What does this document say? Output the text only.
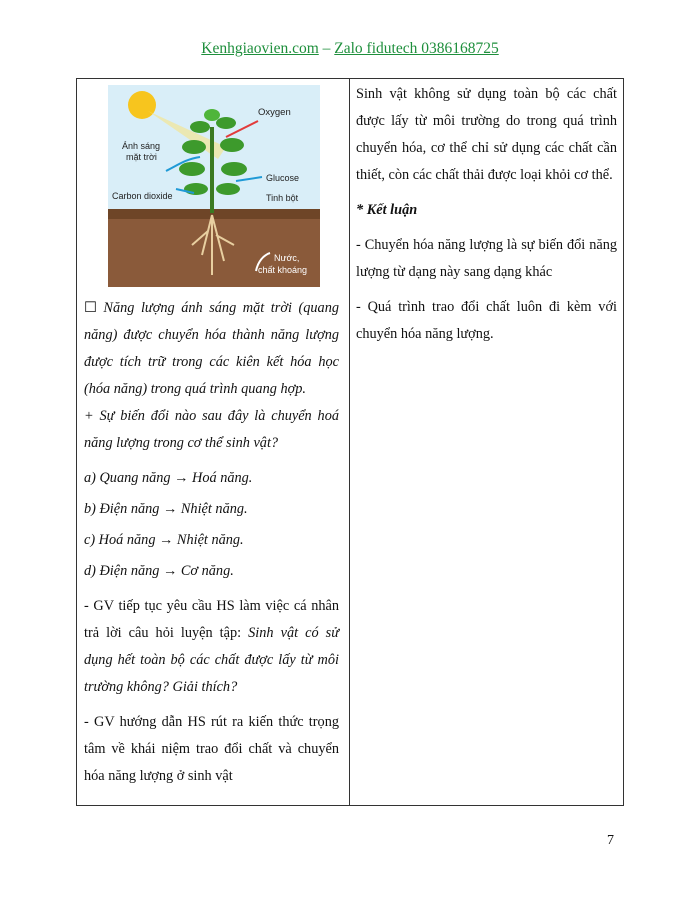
Kenhgiaovien.com – Zalo fidutech 0386168725
Oxygen
Ánh sáng
mặt trời
Carbon dioxide
Glucose
Tinh bột
Nước,
chất khoáng

☐ Năng lượng ánh sáng mặt trời (quang năng) được chuyển hóa thành năng lượng được tích trữ trong các kiên kết hóa học (hóa năng) trong quá trình quang hợp.

+ Sự biến đổi nào sau đây là chuyển hoá năng lượng trong cơ thể sinh vật?

a) Quang năng → Hoá năng.

b) Điện năng → Nhiệt năng.

c) Hoá năng → Nhiệt năng.

d) Điện năng → Cơ năng.

- GV tiếp tục yêu cầu HS làm việc cá nhân trả lời câu hỏi luyện tập: Sinh vật có sử dụng hết toàn bộ các chất được lấy từ môi trường không? Giải thích?

- GV hướng dẫn HS rút ra kiến thức trọng tâm về khái niệm trao đổi chất và chuyển hóa năng lượng ở sinh vật

Sinh vật không sử dụng toàn bộ các chất được lấy từ môi trường do trong quá trình chuyển hóa, cơ thể chỉ sử dụng các chất cần thiết, còn các chất thải được loại khỏi cơ thể.

* Kết luận

- Chuyển hóa năng lượng là sự biến đổi năng lượng từ dạng này sang dạng khác

- Quá trình trao đổi chất luôn đi kèm với chuyển hóa năng lượng.

7
